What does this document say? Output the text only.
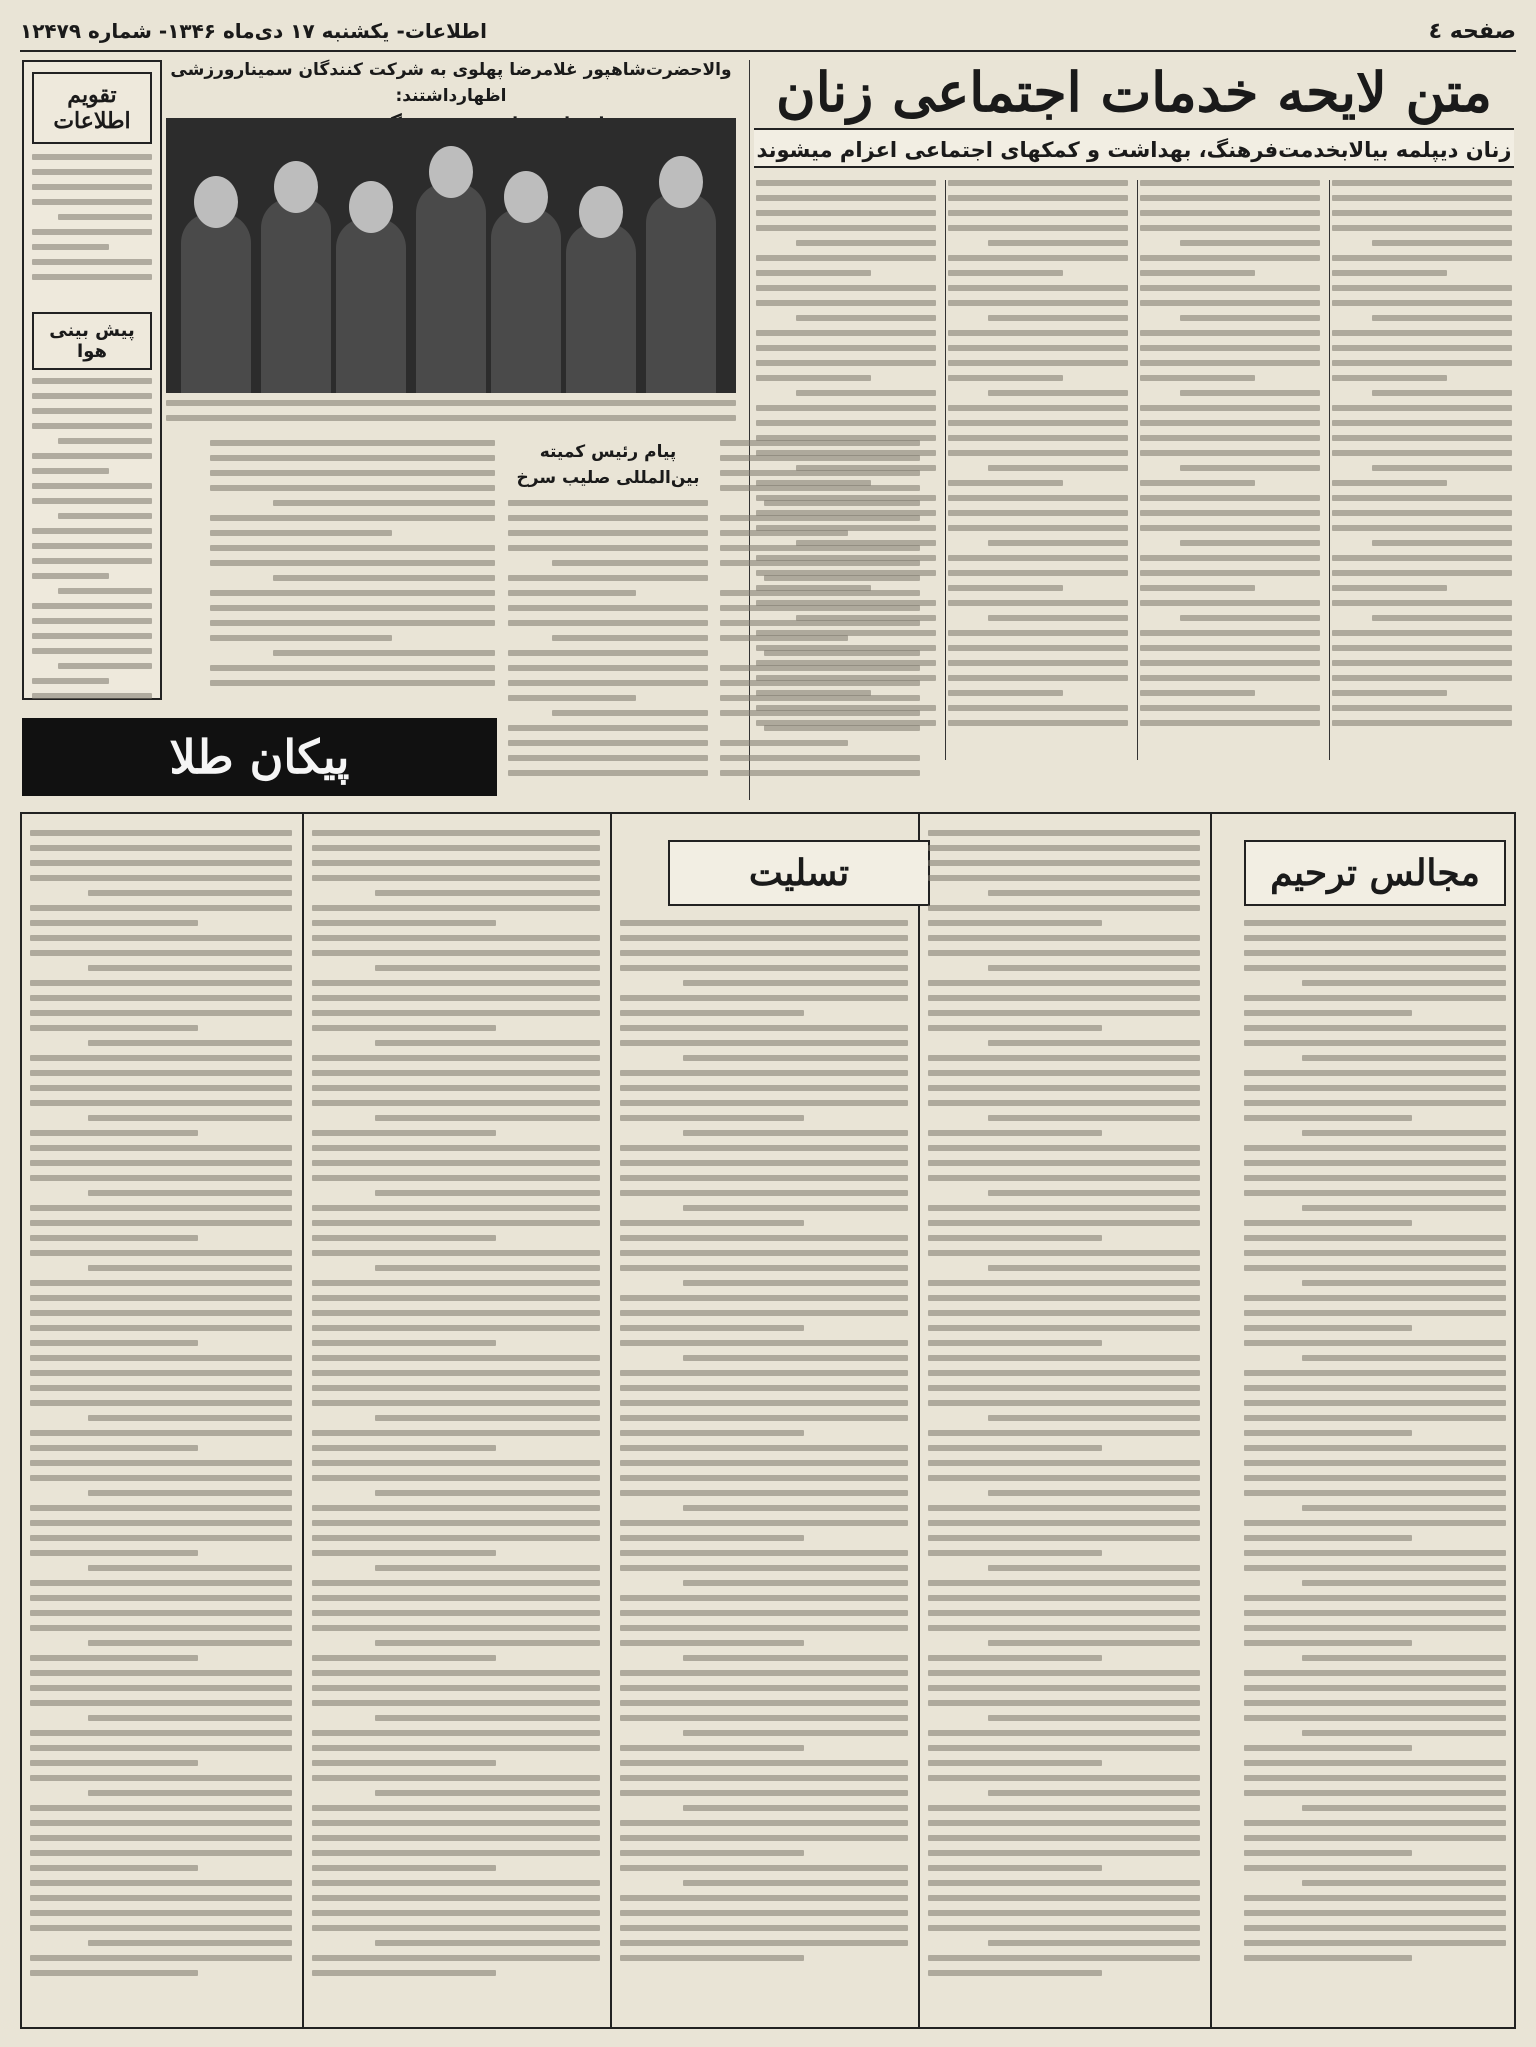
صفحه ٤
اطلاعات- یکشنبه ۱۷ دی‌ماه ۱۳۴۶- شماره ۱۲۴۷۹
متن لایحه خدمات اجتماعی زنان
زنان دیپلمه بیالابخدمت‌فرهنگ، بهداشت و کمکهای اجتماعی اعزام میشوند
والاحضرت‌شاهپور غلامرضا پهلوی به شرکت کنندگان سمینار‌ورزشی اظهارداشتند:
پیام رئیس کمیته بین‌المللی صلیب سرخ
تقویم اطلاعات
پیش بینی هوا
پیکان طلا
مجالس ترحیم
تسلیت
